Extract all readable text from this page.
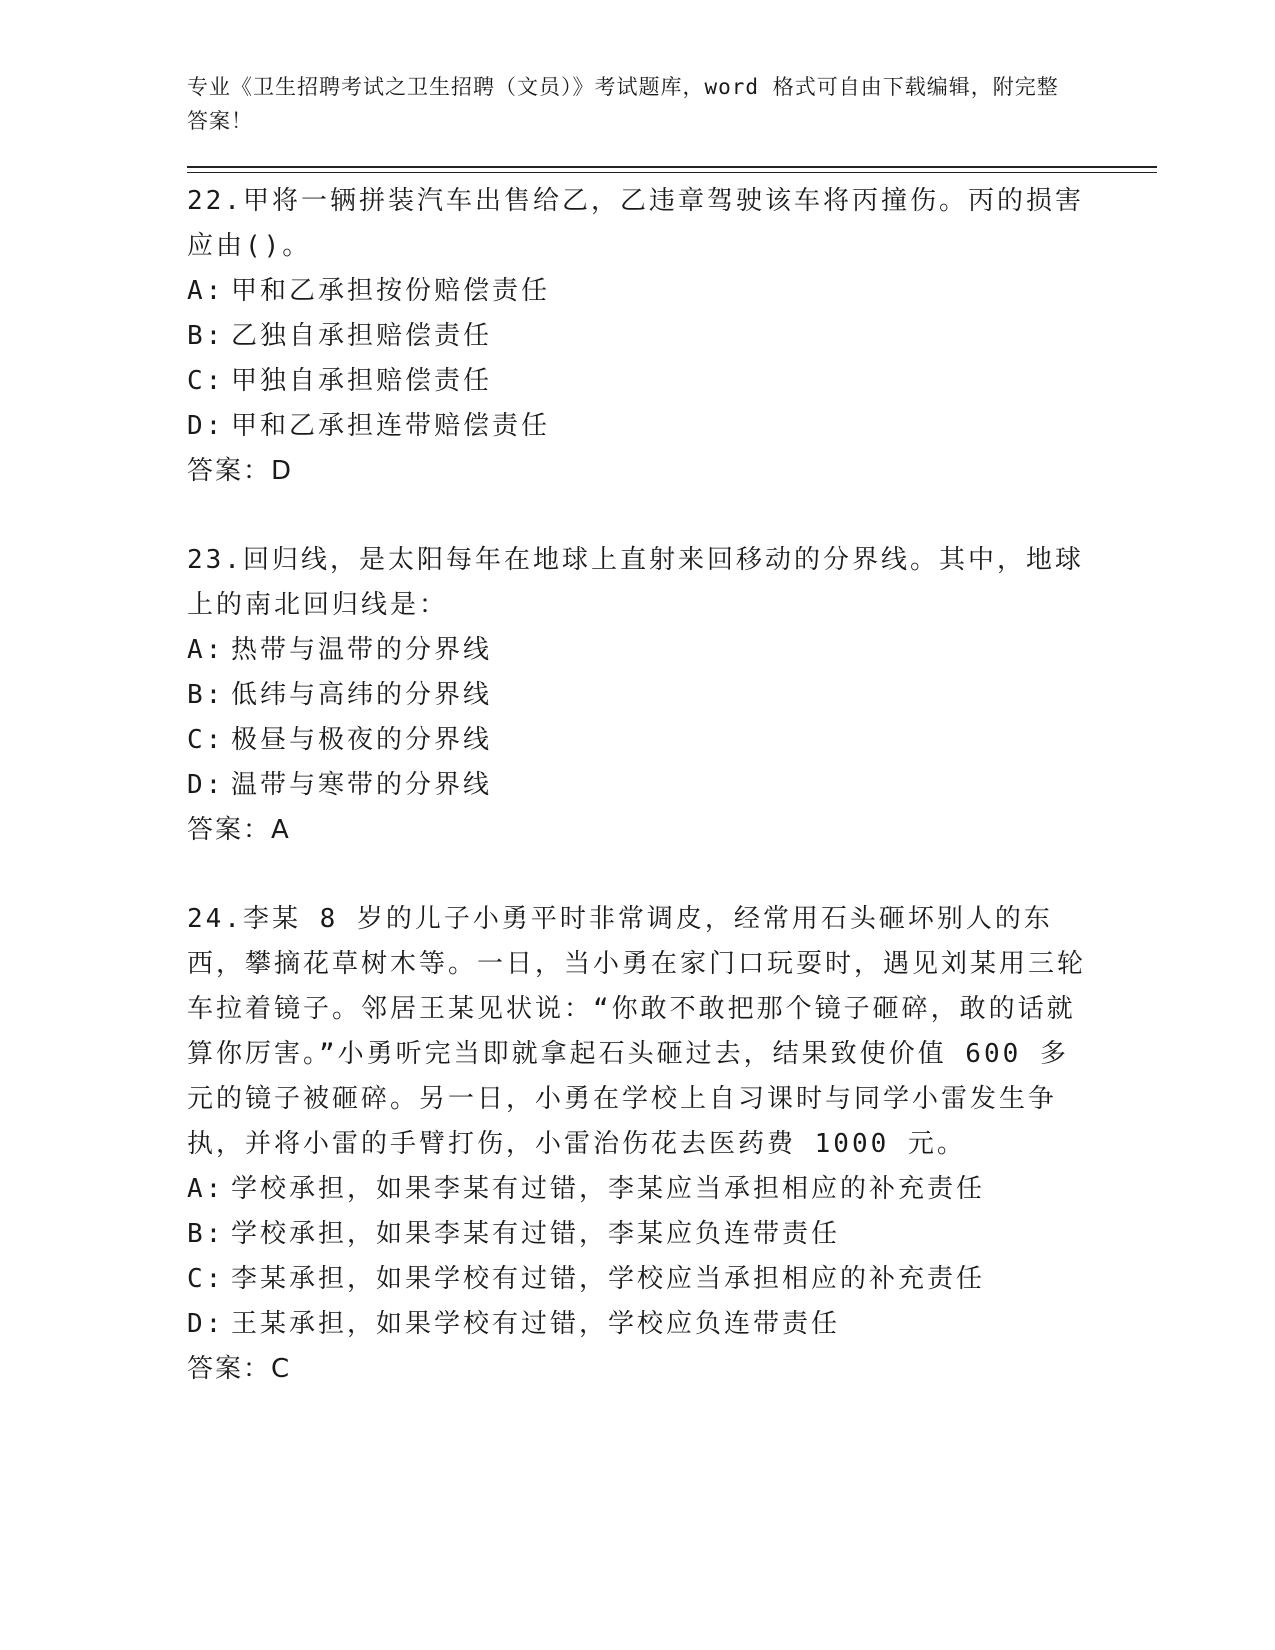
专业《卫生招聘考试之卫生招聘（文员）》考试题库，word 格式可自由下载编辑，附完整答案！
22.甲将一辆拼装汽车出售给乙，乙违章驾驶该车将丙撞伤。丙的损害应由()。
A: 甲和乙承担按份赔偿责任
B: 乙独自承担赔偿责任
C: 甲独自承担赔偿责任
D: 甲和乙承担连带赔偿责任
答案：D
23.回归线，是太阳每年在地球上直射来回移动的分界线。其中，地球上的南北回归线是：
A: 热带与温带的分界线
B: 低纬与高纬的分界线
C: 极昼与极夜的分界线
D: 温带与寒带的分界线
答案：A
24.李某 8 岁的儿子小勇平时非常调皮，经常用石头砸坏别人的东西，攀摘花草树木等。一日，当小勇在家门口玩耍时，遇见刘某用三轮车拉着镜子。邻居王某见状说：“你敢不敢把那个镜子砸碎，敢的话就算你厉害。”小勇听完当即就拿起石头砸过去，结果致使价值 600 多元的镜子被砸碎。另一日，小勇在学校上自习课时与同学小雷发生争执，并将小雷的手臂打伤，小雷治伤花去医药费 1000 元。
A: 学校承担，如果李某有过错，李某应当承担相应的补充责任
B: 学校承担，如果李某有过错，李某应负连带责任
C: 李某承担，如果学校有过错，学校应当承担相应的补充责任
D: 王某承担，如果学校有过错，学校应负连带责任
答案：C
